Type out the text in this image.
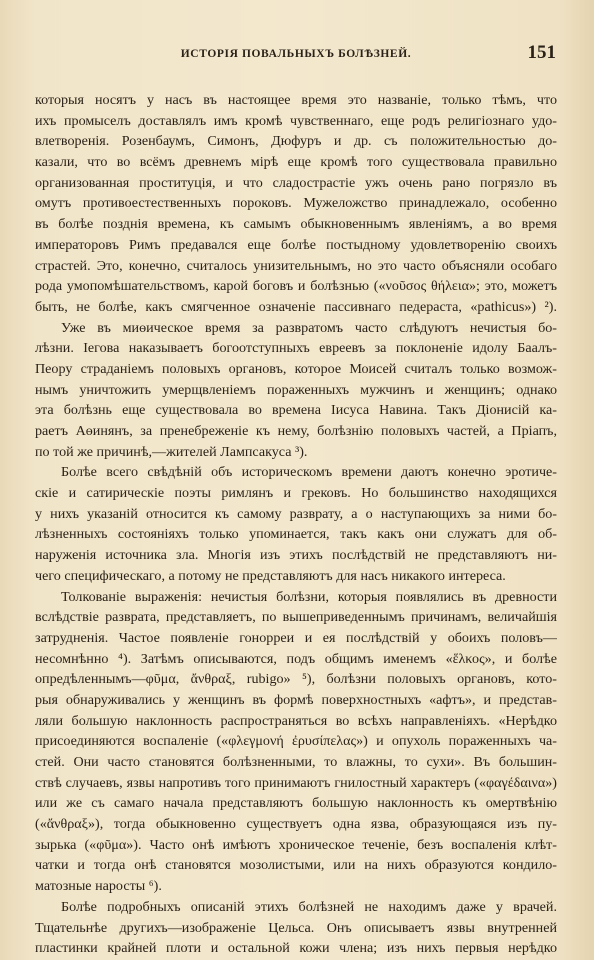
ИСТОРІЯ ПОВАЛЬНЫХЪ БОЛѢЗНЕЙ.	151
которыя носятъ у насъ въ настоящее время это названіе, только тѣмъ, что
ихъ промыселъ доставлялъ имъ кромѣ чувственнаго, еще родъ религіознаго удо-
влетворенія. Розенбаумъ, Симонъ, Дюфуръ и др. съ положительностью до-
казали, что во всёмъ древнемъ мірѣ еще кромѣ того существовала правильно
организованная проституція, и что сладострастіе ужъ очень рано погрязло въ
омутъ противоестественныхъ пороковъ. Мужеложство принадлежало, особенно
въ болѣе позднія времена, къ самымъ обыкновеннымъ явленіямъ, а во время
императоровъ Римъ предавался еще болѣе постыдному удовлетворенію своихъ
страстей. Это, конечно, считалось унизительнымъ, но это часто объясняли особаго
рода умопомѣшательствомъ, карой боговъ и болѣзнью («νοῦσος θήλεια»; это, можетъ
быть, не болѣе, какъ смягченное означеніе пассивнаго педераста, «pathicus») ²).
Уже въ миѳическое время за развратомъ часто слѣдуютъ нечистыя бо-
лѣзни. Іегова наказываетъ богоотступныхъ евреевъ за поклоненіе идолу Баалъ-
Пеору страданіемъ половыхъ органовъ, которое Моисей считалъ только возмож-
нымъ уничтожить умерщвленіемъ пораженныхъ мужчинъ и женщинъ; однако
эта болѣзнь еще существовала во времена Іисуса Навина. Такъ Діонисій ка-
раетъ Аѳинянъ, за пренебреженіе къ нему, болѣзнію половыхъ частей, а Пріапъ,
по той же причинѣ,—жителей Лампсакуса ³).
Болѣе всего свѣдѣній объ историческомъ времени даютъ конечно эротиче-
скіе и сатирическіе поэты римлянъ и грековъ. Но большинство находящихся
у нихъ указаній относится къ самому разврату, а о наступающихъ за ними бо-
лѣзненныхъ состояніяхъ только упоминается, такъ какъ они служатъ для об-
наруженія источника зла. Многія изъ этихъ послѣдствій не представляютъ ни-
чего специфическаго, а потому не представляютъ для насъ никакого интереса.
Толкованіе выраженія: нечистыя болѣзни, которыя появлялись въ древности
вслѣдствіе разврата, представляетъ, по вышеприведеннымъ причинамъ, величайшія
затрудненія. Частое появленіе гонорреи и ея послѣдствій у обоихъ половъ—
несомнѣнно ⁴). Затѣмъ описываются, подъ общимъ именемъ «ἕλκος», и болѣе
опредѣленнымъ—φῦμα, ἄνθραξ, rubigo» ⁵), болѣзни половыхъ органовъ, кото-
рыя обнаруживались у женщинъ въ формѣ поверхностныхъ «афтъ», и представ-
ляли большую наклонность распространяться во всѣхъ направленіяхъ. «Нерѣдко
присоединяются воспаленіе («φλεγμονή ἐρυσίπελας») и опухоль пораженныхъ ча-
стей. Они часто становятся болѣзненными, то влажны, то сухи». Въ большин-
ствѣ случаевъ, язвы напротивъ того принимаютъ гнилостный характеръ («φαγέδαινα»)
или же съ самаго начала представляютъ большую наклонность къ омертвѣнію
(«ἄνθραξ»), тогда обыкновенно существуетъ одна язва, образующаяся изъ пу-
зырька («φῦμα»). Часто онѣ имѣютъ хроническое теченіе, безъ воспаленія клѣт-
чатки и тогда онѣ становятся мозолистыми, или на нихъ образуются кондило-
матозные наросты ⁶).
Болѣе подробныхъ описаній этихъ болѣзней не находимъ даже у врачей.
Тщательнѣе другихъ—изображеніе Цельса. Онъ описываетъ язвы внутренней
пластинки крайней плоти и остальной кожи члена; изъ нихъ первыя нерѣдко
